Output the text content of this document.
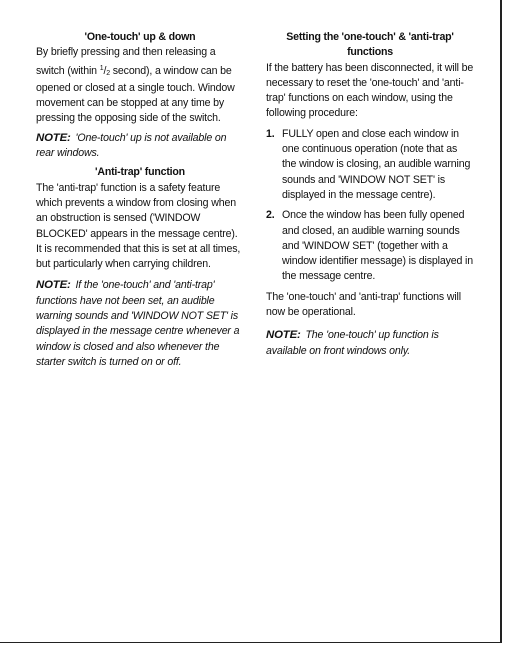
'One-touch' up & down

By briefly pressing and then releasing a switch (within $^1$/2 second), a window can be opened or closed at a single touch. Window movement can be stopped at any time by pressing the opposing side of the switch.

NOTE: 'One-touch' up is not available on rear windows.

'Anti-trap' function

The 'anti-trap' function is a safety feature which prevents a window from closing when an obstruction is sensed ('WINDOW BLOCKED' appears in the message centre). It is recommended that this is set at all times, but particularly when carrying children.

NOTE: If the 'one-touch' and 'anti-trap' functions have not been set, an audible warning sounds and 'WINDOW NOT SET' is displayed in the message centre whenever a window is closed and also whenever the starter switch is turned on or off.

Setting the 'one-touch' & 'anti-trap' functions

If the battery has been disconnected, it will be necessary to reset the 'one-touch' and 'anti-trap' functions on each window, using the following procedure:

1. FULLY open and close each window in one continuous operation (note that as the window is closing, an audible warning sounds and 'WINDOW NOT SET' is displayed in the message centre).
2. Once the window has been fully opened and closed, an audible warning sounds and 'WINDOW SET' (together with a window identifier message) is displayed in the message centre.

The 'one-touch' and 'anti-trap' functions will now be operational.

NOTE: The 'one-touch' up function is available on front windows only.
